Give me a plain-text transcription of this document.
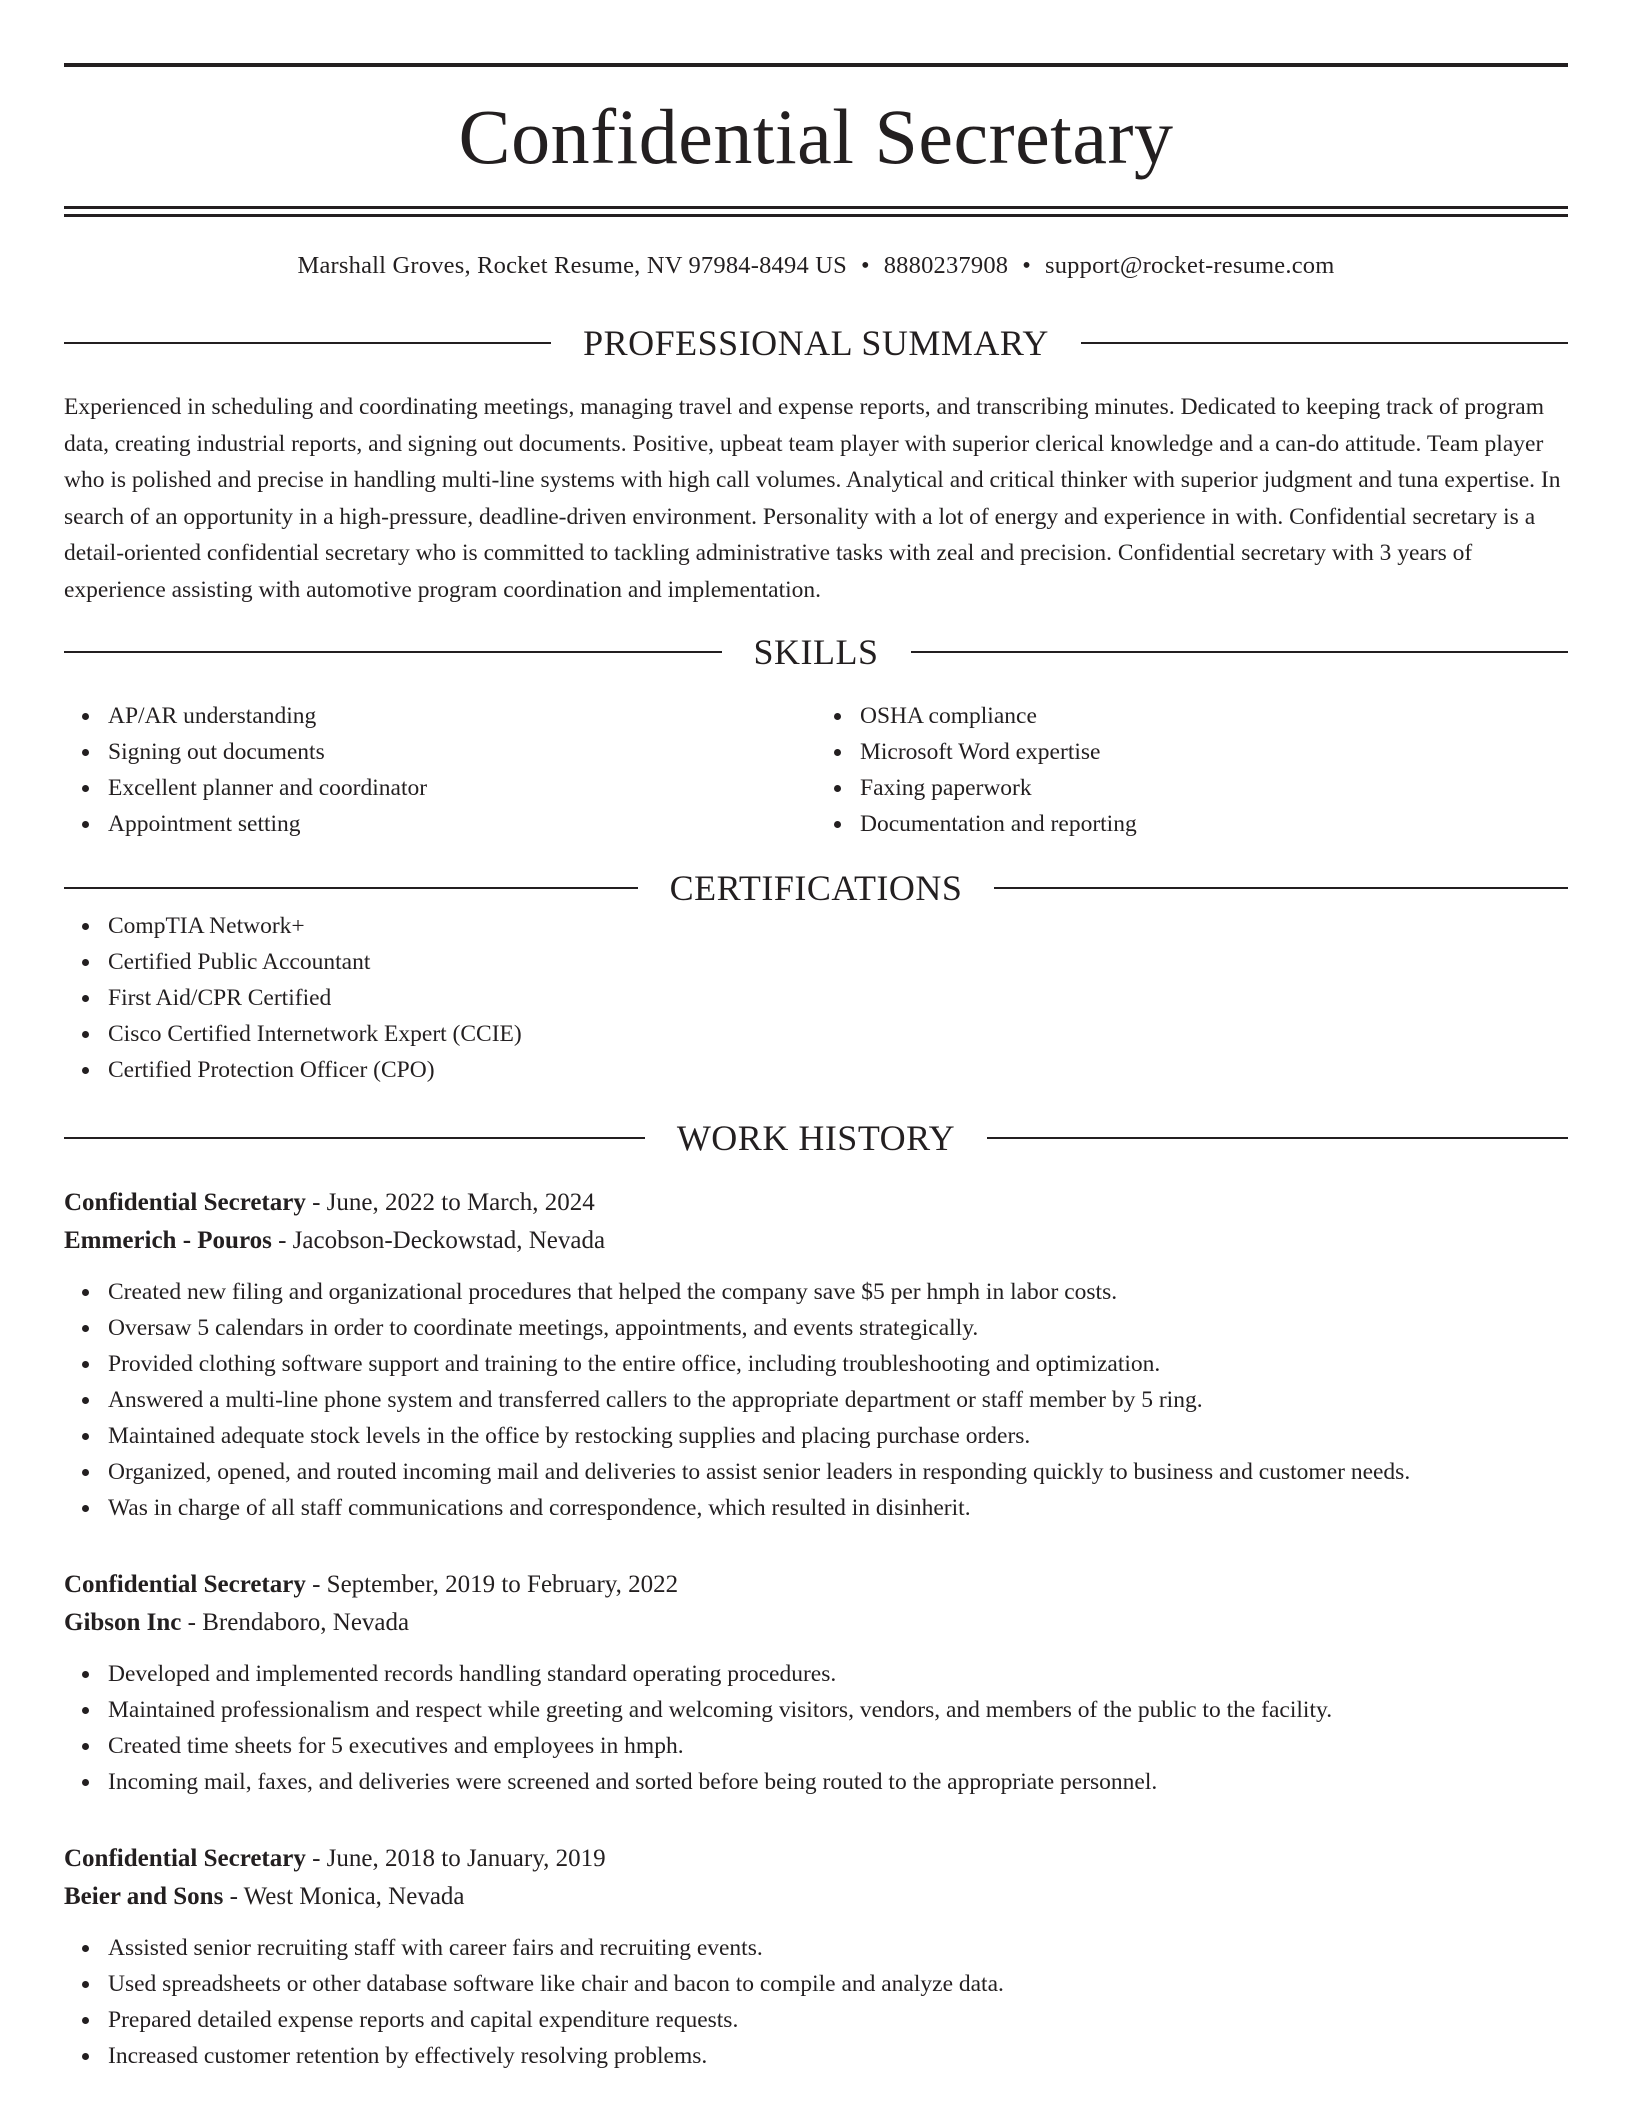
Confidential Secretary
Marshall Groves, Rocket Resume, NV 97984-8494 US • 8880237908 • support@rocket-resume.com
PROFESSIONAL SUMMARY
Experienced in scheduling and coordinating meetings, managing travel and expense reports, and transcribing minutes. Dedicated to keeping track of program data, creating industrial reports, and signing out documents. Positive, upbeat team player with superior clerical knowledge and a can-do attitude. Team player who is polished and precise in handling multi-line systems with high call volumes. Analytical and critical thinker with superior judgment and tuna expertise. In search of an opportunity in a high-pressure, deadline-driven environment. Personality with a lot of energy and experience in with. Confidential secretary is a detail-oriented confidential secretary who is committed to tackling administrative tasks with zeal and precision. Confidential secretary with 3 years of experience assisting with automotive program coordination and implementation.
SKILLS
AP/AR understanding
Signing out documents
Excellent planner and coordinator
Appointment setting
OSHA compliance
Microsoft Word expertise
Faxing paperwork
Documentation and reporting
CERTIFICATIONS
CompTIA Network+
Certified Public Accountant
First Aid/CPR Certified
Cisco Certified Internetwork Expert (CCIE)
Certified Protection Officer (CPO)
WORK HISTORY
Confidential Secretary - June, 2022 to March, 2024
Emmerich - Pouros - Jacobson-Deckowstad, Nevada
Created new filing and organizational procedures that helped the company save $5 per hmph in labor costs.
Oversaw 5 calendars in order to coordinate meetings, appointments, and events strategically.
Provided clothing software support and training to the entire office, including troubleshooting and optimization.
Answered a multi-line phone system and transferred callers to the appropriate department or staff member by 5 ring.
Maintained adequate stock levels in the office by restocking supplies and placing purchase orders.
Organized, opened, and routed incoming mail and deliveries to assist senior leaders in responding quickly to business and customer needs.
Was in charge of all staff communications and correspondence, which resulted in disinherit.
Confidential Secretary - September, 2019 to February, 2022
Gibson Inc - Brendaboro, Nevada
Developed and implemented records handling standard operating procedures.
Maintained professionalism and respect while greeting and welcoming visitors, vendors, and members of the public to the facility.
Created time sheets for 5 executives and employees in hmph.
Incoming mail, faxes, and deliveries were screened and sorted before being routed to the appropriate personnel.
Confidential Secretary - June, 2018 to January, 2019
Beier and Sons - West Monica, Nevada
Assisted senior recruiting staff with career fairs and recruiting events.
Used spreadsheets or other database software like chair and bacon to compile and analyze data.
Prepared detailed expense reports and capital expenditure requests.
Increased customer retention by effectively resolving problems.
